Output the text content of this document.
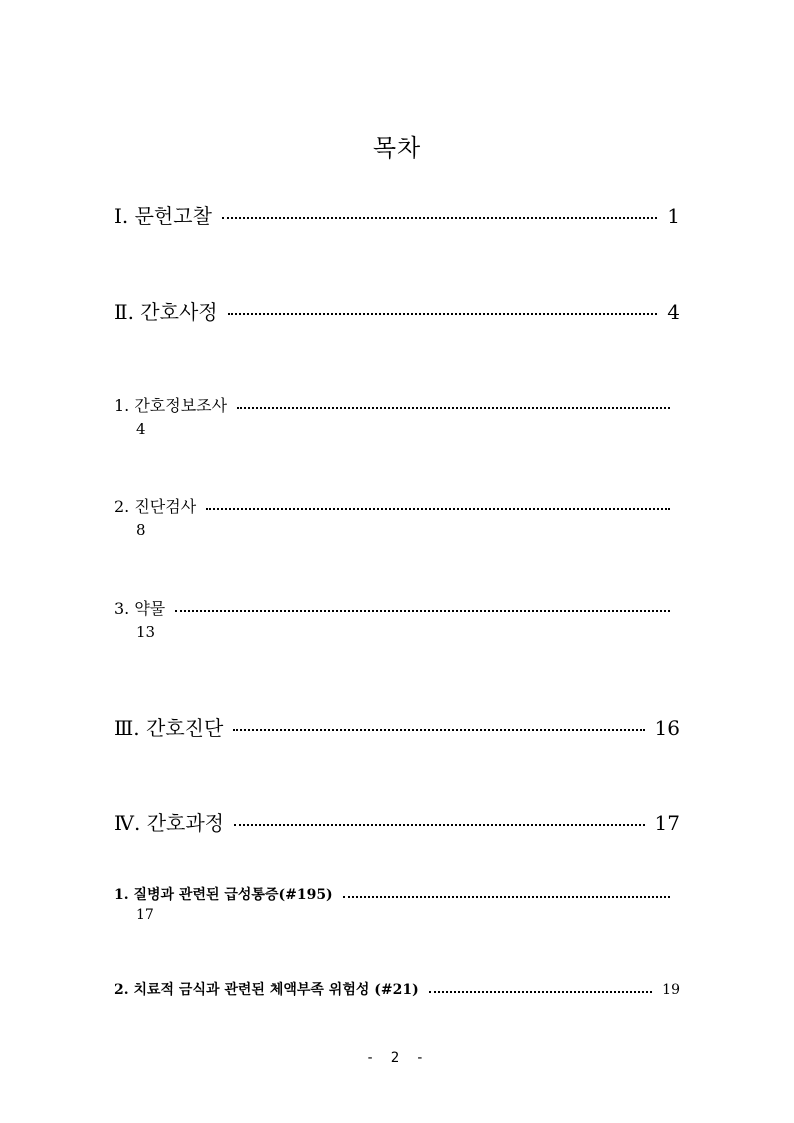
목차
Ⅰ. 문헌고찰	1
Ⅱ. 간호사정	4
1. 간호정보조사
4
2. 진단검사
8
3. 약물
13
Ⅲ. 간호진단	16
Ⅳ. 간호과정	17
1. 질병과 관련된 급성통증(#195)
17
2. 치료적 금식과 관련된 체액부족 위험성 (#21)	19
- 2 -
